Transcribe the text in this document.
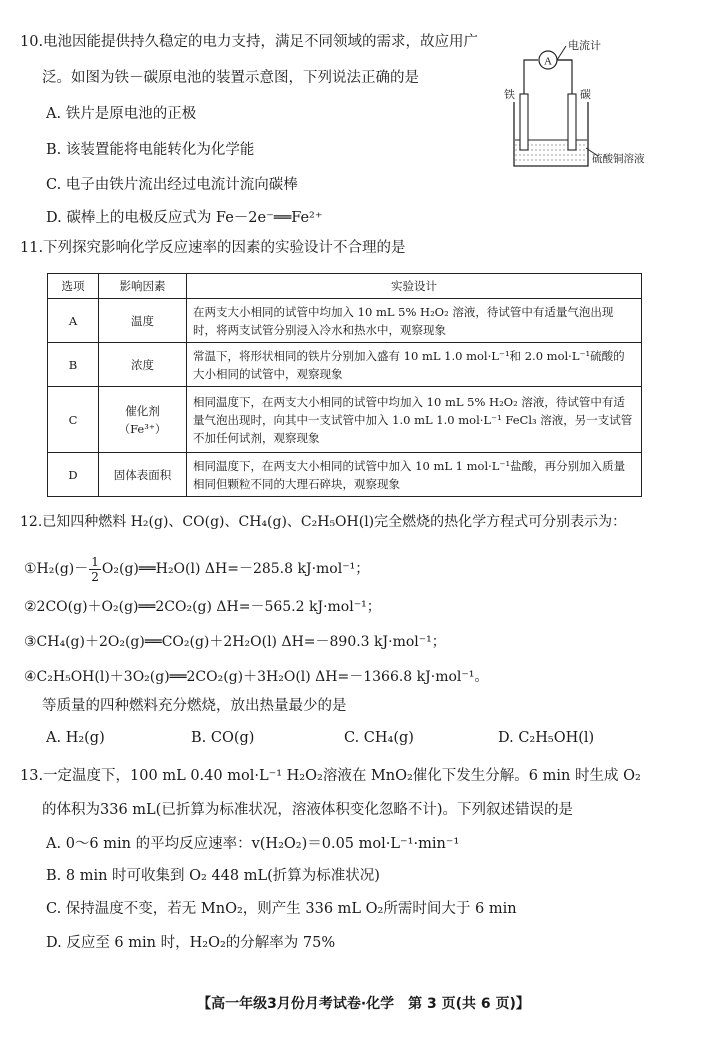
10.电池因能提供持久稳定的电力支持，满足不同领域的需求，故应用广
泛。如图为铁－碳原电池的装置示意图，下列说法正确的是
A. 铁片是原电池的正极
B. 该装置能将电能转化为化学能
C. 电子由铁片流出经过电流计流向碳棒
D. 碳棒上的电极反应式为 Fe－2e⁻══Fe²⁺
A
电流计
铁	碳
硫酸铜溶液
11.下列探究影响化学反应速率的因素的实验设计不合理的是
选项	影响因素	实验设计
A	温度	在两支大小相同的试管中均加入 10 mL 5% H₂O₂ 溶液，待试管中有适量气泡出现时，将两支试管分别浸入冷水和热水中，观察现象
B	浓度	常温下，将形状相同的铁片分别加入盛有 10 mL 1.0 mol·L⁻¹和 2.0 mol·L⁻¹硫酸的大小相同的试管中，观察现象
C	催化剂（Fe³⁺）	相同温度下，在两支大小相同的试管中均加入 10 mL 5% H₂O₂ 溶液，待试管中有适量气泡出现时，向其中一支试管中加入 1.0 mL 1.0 mol·L⁻¹ FeCl₃ 溶液，另一支试管不加任何试剂，观察现象
D	固体表面积	相同温度下，在两支大小相同的试管中加入 10 mL 1 mol·L⁻¹盐酸，再分别加入质量相同但颗粒不同的大理石碎块，观察现象
12.已知四种燃料 H₂(g)、CO(g)、CH₄(g)、C₂H₅OH(l)完全燃烧的热化学方程式可分别表示为：
①H₂(g)－ $\frac{1}{2}$ O₂(g)══H₂O(l) ΔH=－285.8 kJ·mol⁻¹；
②2CO(g)＋O₂(g)══2CO₂(g) ΔH=－565.2 kJ·mol⁻¹；
③CH₄(g)＋2O₂(g)══CO₂(g)＋2H₂O(l) ΔH=－890.3 kJ·mol⁻¹；
④C₂H₅OH(l)＋3O₂(g)══2CO₂(g)＋3H₂O(l) ΔH=－1366.8 kJ·mol⁻¹。
等质量的四种燃料充分燃烧，放出热量最少的是
A. H₂(g)	B. CO(g)	C. CH₄(g)	D. C₂H₅OH(l)
13.一定温度下，100 mL 0.40 mol·L⁻¹ H₂O₂溶液在 MnO₂催化下发生分解。6 min 时生成 O₂
的体积为336 mL(已折算为标准状况，溶液体积变化忽略不计)。下列叙述错误的是
A. 0～6 min 的平均反应速率：v(H₂O₂)＝0.05 mol·L⁻¹·min⁻¹
B. 8 min 时可收集到 O₂ 448 mL(折算为标准状况)
C. 保持温度不变，若无 MnO₂，则产生 336 mL O₂所需时间大于 6 min
D. 反应至 6 min 时，H₂O₂的分解率为 75%
【高一年级3月份月考试卷·化学　第 3 页(共 6 页)】
